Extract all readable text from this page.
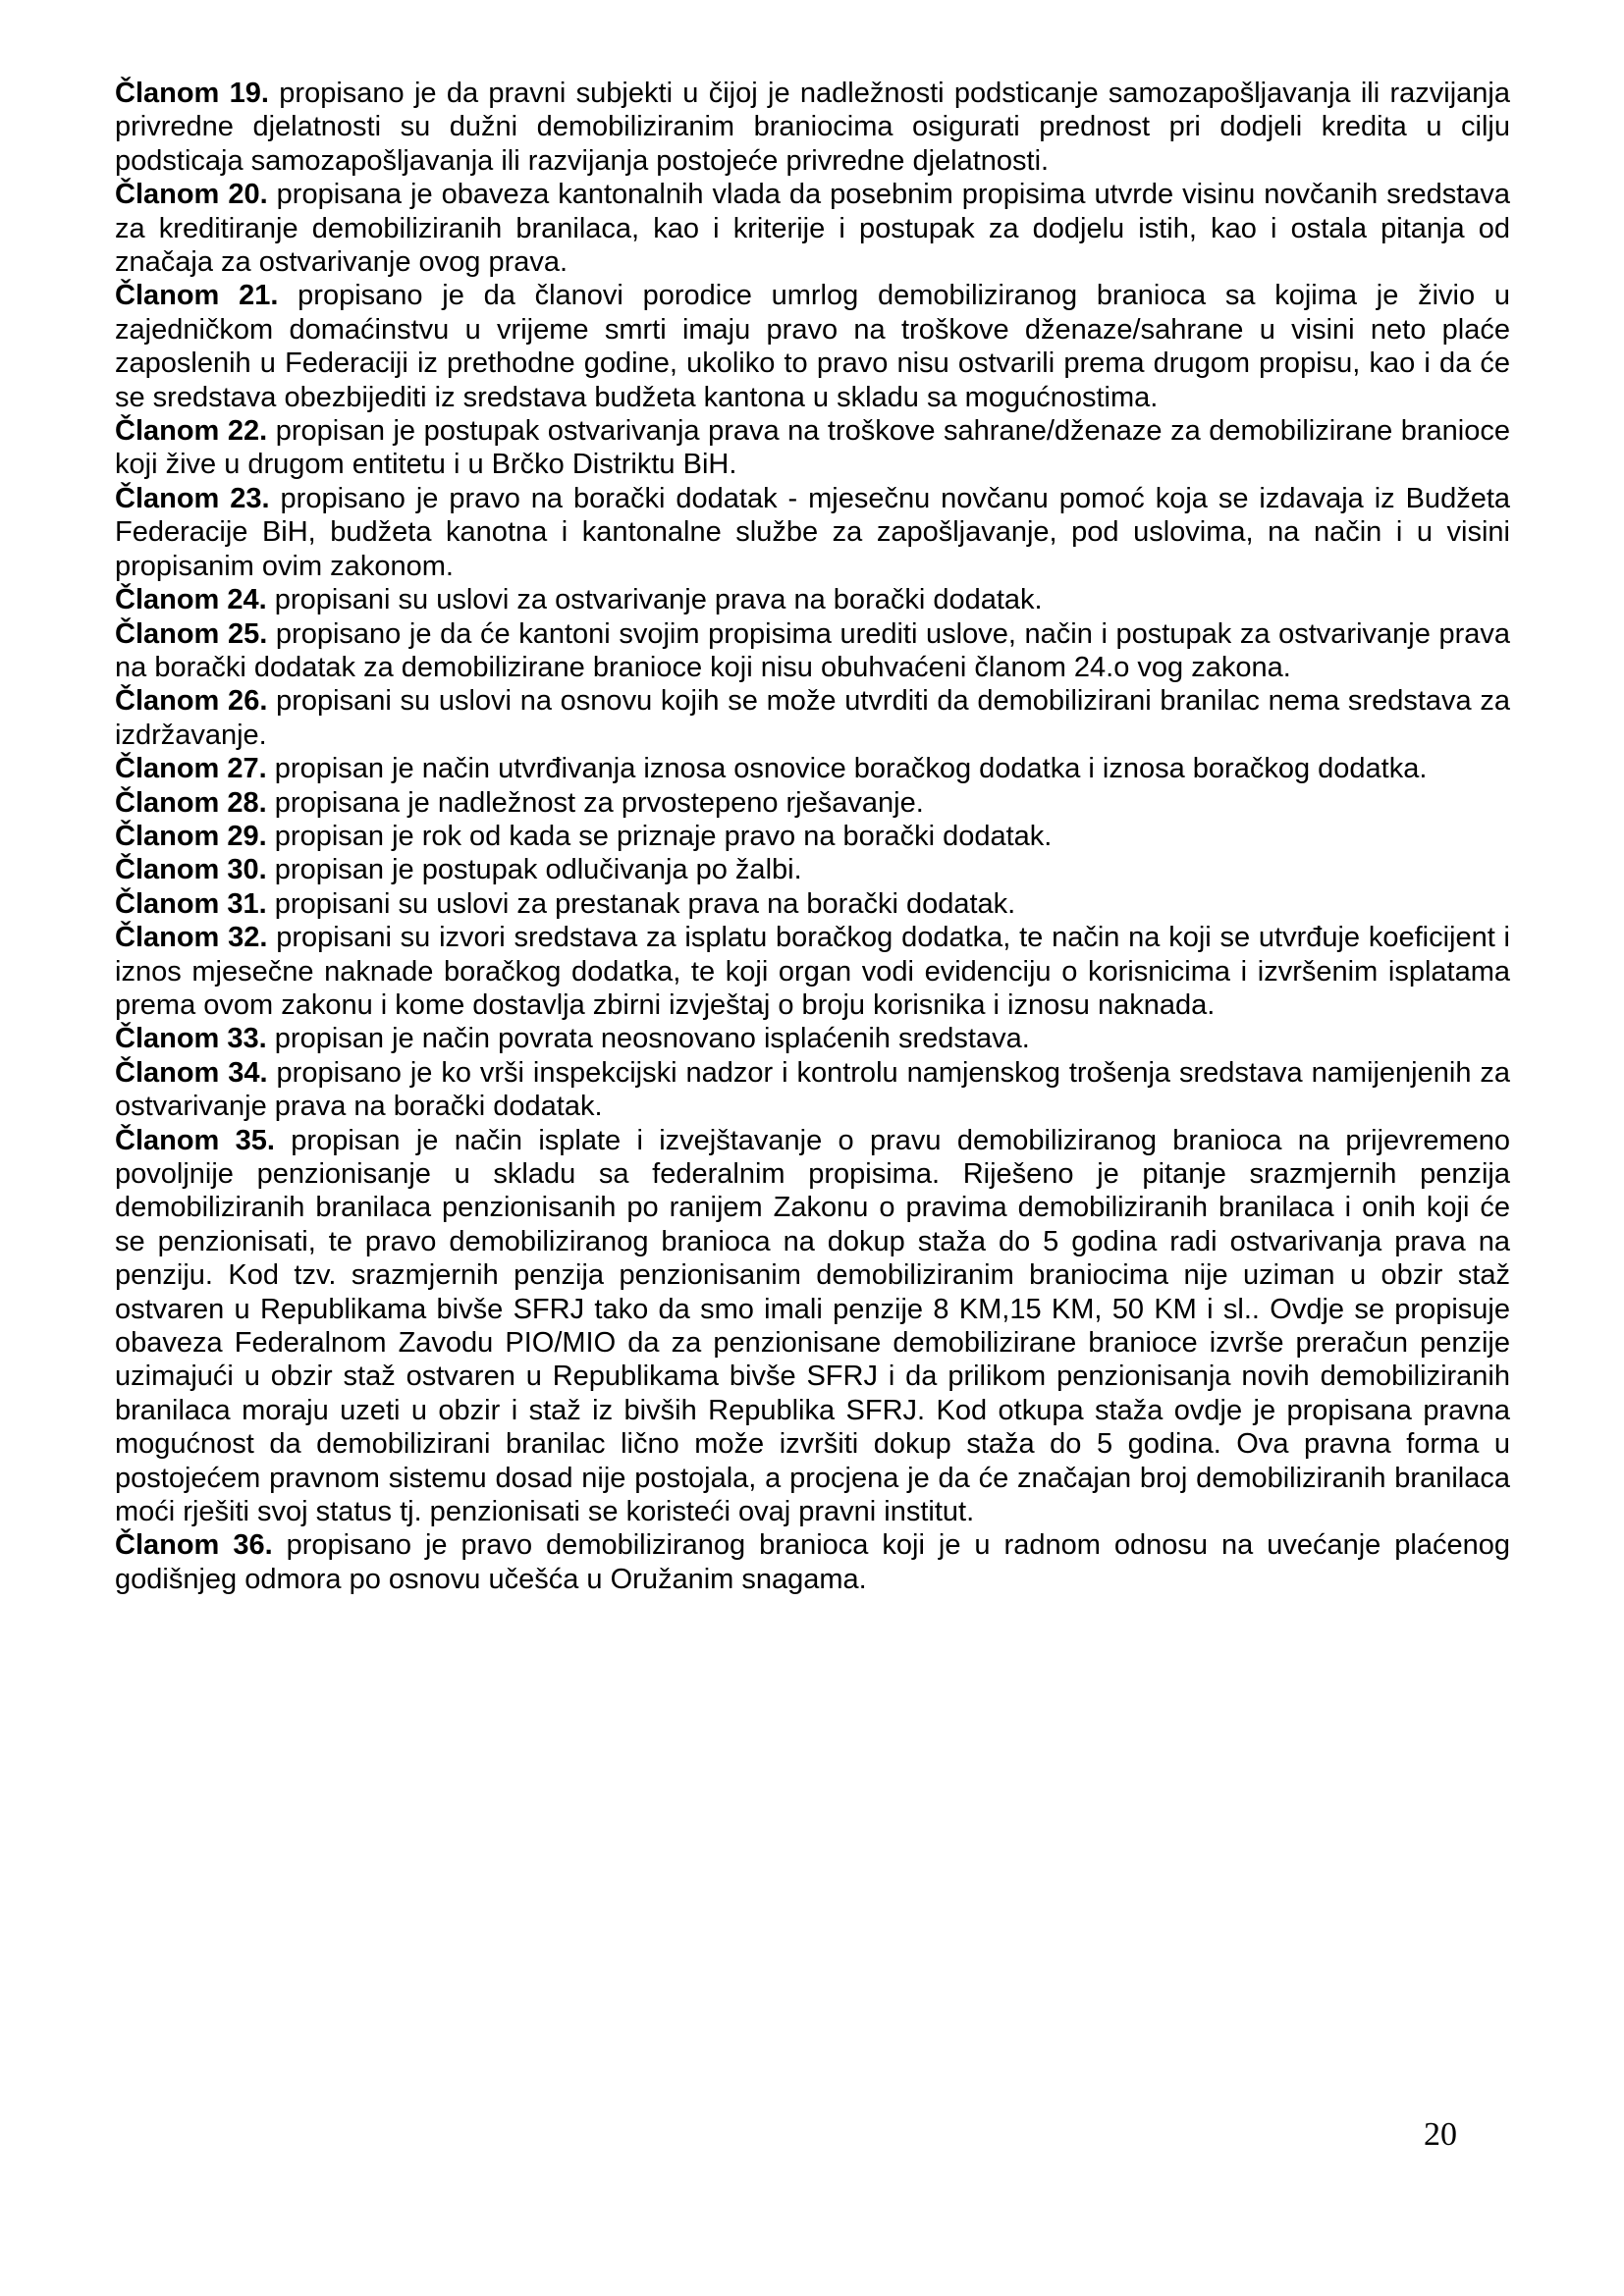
Članom 19. propisano je da pravni subjekti u čijoj je nadležnosti podsticanje samozapošljavanja ili razvijanja privredne djelatnosti su dužni demobiliziranim braniocima osigurati prednost pri dodjeli kredita u cilju podsticaja samozapošljavanja ili razvijanja postojeće privredne djelatnosti.

Članom 20. propisana je obaveza kantonalnih vlada da posebnim propisima utvrde visinu novčanih sredstava za kreditiranje demobiliziranih branilaca, kao i kriterije i postupak za dodjelu istih, kao i ostala pitanja od značaja za ostvarivanje ovog prava.

Članom 21. propisano je da članovi porodice umrlog demobiliziranog branioca sa kojima je živio u zajedničkom domaćinstvu u vrijeme smrti imaju pravo na troškove dženaze/sahrane u visini neto plaće zaposlenih u Federaciji iz prethodne godine, ukoliko to pravo nisu ostvarili prema drugom propisu, kao i da će se sredstava obezbijediti iz sredstava budžeta kantona u skladu sa mogućnostima.

Članom 22. propisan je postupak ostvarivanja prava na troškove sahrane/dženaze za demobilizirane branioce koji žive u drugom entitetu i u Brčko Distriktu BiH.

Članom 23. propisano je pravo na borački dodatak - mjesečnu novčanu pomoć koja se izdavaja iz Budžeta Federacije BiH, budžeta kanotna i kantonalne službe za zapošljavanje, pod uslovima, na način i u visini propisanim ovim zakonom.

Članom 24. propisani su uslovi za ostvarivanje prava na borački dodatak.

Članom 25. propisano je da će kantoni svojim propisima urediti uslove, način i postupak za ostvarivanje prava na borački dodatak za demobilizirane branioce koji nisu obuhvaćeni članom 24.o vog zakona.

Članom 26. propisani su uslovi na osnovu kojih se može utvrditi da demobilizirani branilac nema sredstava za izdržavanje.

Članom 27. propisan je način utvrđivanja iznosa osnovice boračkog dodatka i iznosa boračkog dodatka.

Članom 28. propisana je nadležnost za prvostepeno rješavanje.

Članom 29. propisan je rok od kada se priznaje pravo na borački dodatak.

Članom 30. propisan je postupak odlučivanja po žalbi.

Članom 31. propisani su uslovi za prestanak prava na borački dodatak.

Članom 32. propisani su izvori sredstava za isplatu boračkog dodatka, te način na koji se utvrđuje koeficijent i iznos mjesečne naknade boračkog dodatka, te koji organ vodi evidenciju o korisnicima i izvršenim isplatama prema ovom zakonu i kome dostavlja zbirni izvještaj o broju korisnika i iznosu naknada.

Članom 33. propisan je način povrata neosnovano isplaćenih sredstava.

Članom 34. propisano je ko vrši inspekcijski nadzor i kontrolu namjenskog trošenja sredstava namijenjenih za ostvarivanje prava na borački dodatak.

Članom 35. propisan je način isplate i izvejštavanje o pravu demobiliziranog branioca na prijevremeno povoljnije penzionisanje u skladu sa federalnim propisima. Riješeno je pitanje srazmjernih penzija demobiliziranih branilaca penzionisanih po ranijem Zakonu o pravima demobiliziranih branilaca i onih koji će se penzionisati, te pravo demobiliziranog branioca na dokup staža do 5 godina radi ostvarivanja prava na penziju. Kod tzv. srazmjernih penzija penzionisanim demobiliziranim braniocima nije uziman u obzir staž ostvaren u Republikama bivše SFRJ tako da smo imali penzije 8 KM,15 KM, 50 KM i sl.. Ovdje se propisuje obaveza Federalnom Zavodu PIO/MIO da za penzionisane demobilizirane branioce izvrše preračun penzije uzimajući u obzir staž ostvaren u Republikama bivše SFRJ i da prilikom penzionisanja novih demobiliziranih branilaca moraju uzeti u obzir i staž iz bivših Republika SFRJ. Kod otkupa staža ovdje je propisana pravna mogućnost da demobilizirani branilac lično može izvršiti dokup staža do 5 godina. Ova pravna forma u postojećem pravnom sistemu dosad nije postojala, a procjena je da će značajan broj demobiliziranih branilaca moći rješiti svoj status tj. penzionisati se koristeći ovaj pravni institut.

Članom 36. propisano je pravo demobiliziranog branioca koji je u radnom odnosu na uvećanje plaćenog godišnjeg odmora po osnovu učešća u Oružanim snagama.

20
